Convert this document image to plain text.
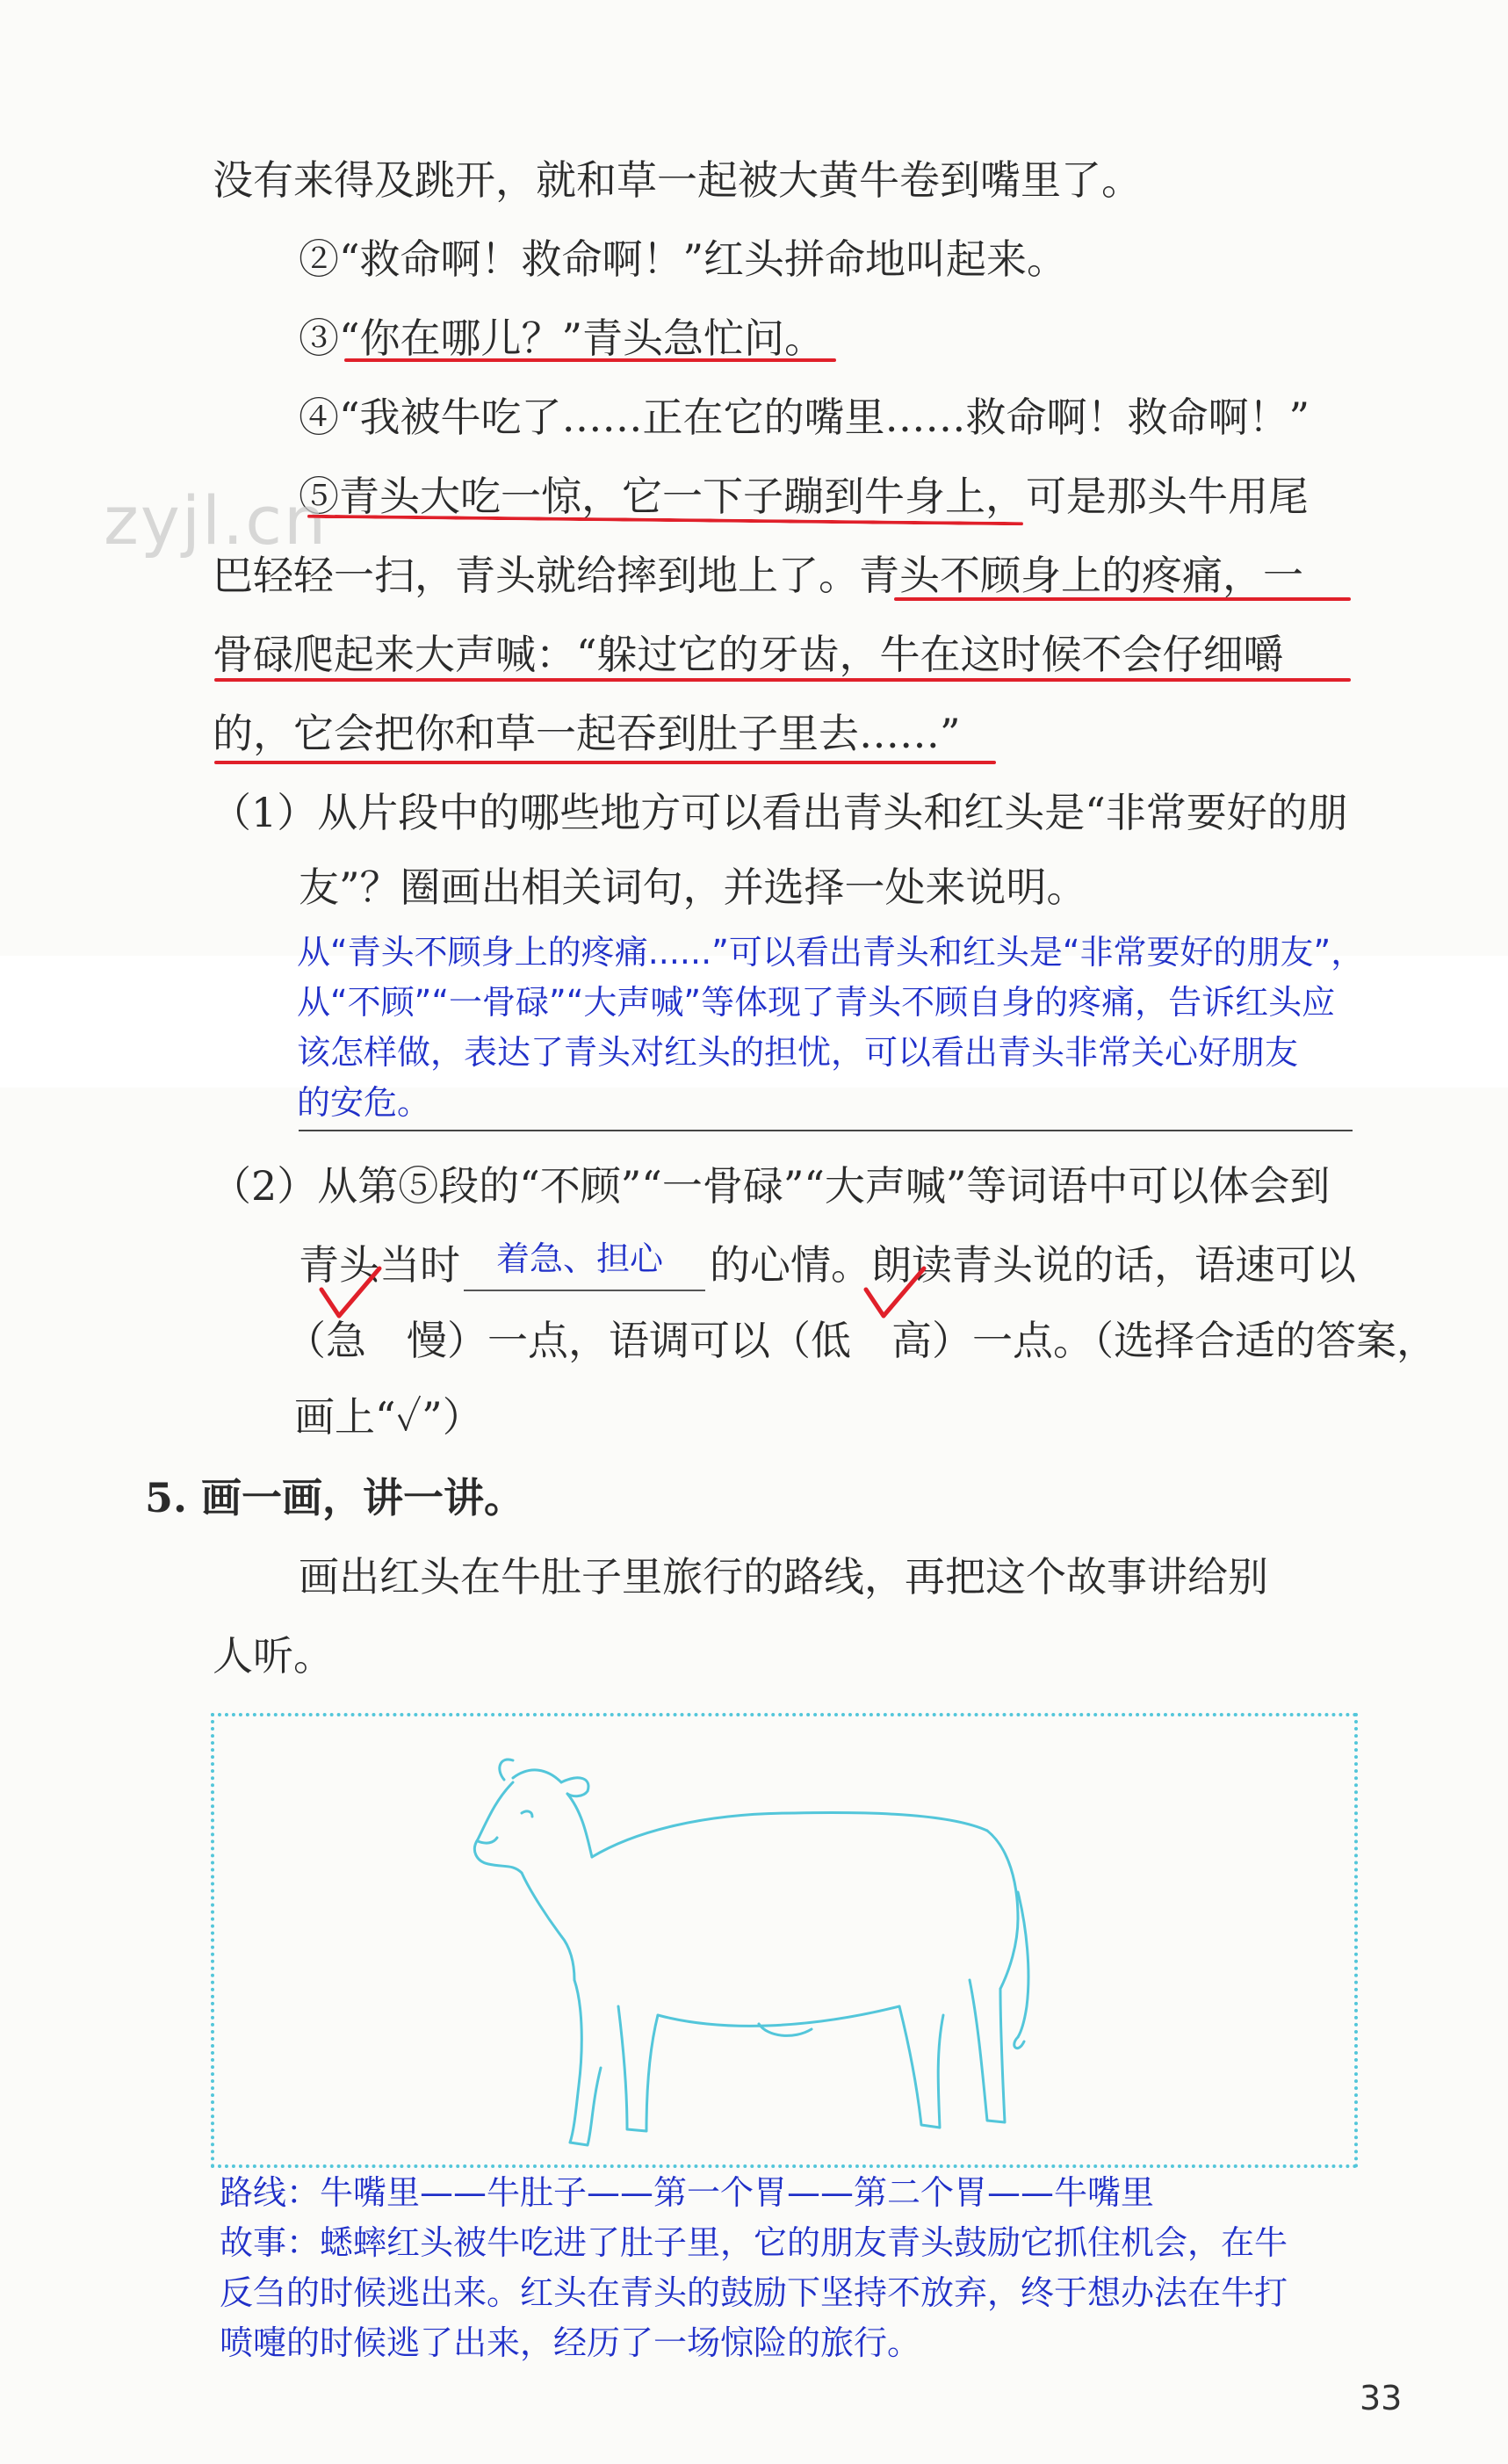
没有来得及跳开，就和草一起被大黄牛卷到嘴里了。
②“救命啊！救命啊！”红头拼命地叫起来。
③“你在哪儿？”青头急忙问。
④“我被牛吃了……正在它的嘴里……救命啊！救命啊！”
⑤青头大吃一惊，它一下子蹦到牛身上，可是那头牛用尾
巴轻轻一扫，青头就给摔到地上了。青头不顾身上的疼痛，一
骨碌爬起来大声喊：“躲过它的牙齿，牛在这时候不会仔细嚼
的，它会把你和草一起吞到肚子里去……”
zyjl.cn
（1）从片段中的哪些地方可以看出青头和红头是“非常要好的朋
友”？圈画出相关词句，并选择一处来说明。
从“青头不顾身上的疼痛......”可以看出青头和红头是“非常要好的朋友”，
从“不顾”“一骨碌”“大声喊”等体现了青头不顾自身的疼痛，告诉红头应
该怎样做，表达了青头对红头的担忧，可以看出青头非常关心好朋友
的安危。
（2）从第⑤段的“不顾”“一骨碌”“大声喊”等词语中可以体会到
青头当时	的心情。朗读青头说的话，语速可以
着急、担心
（急　慢）一点，语调可以（低　高）一点。（选择合适的答案，
画上“✓”）
5. 画一画，讲一讲。
画出红头在牛肚子里旅行的路线，再把这个故事讲给别
人听。
路线：牛嘴里——牛肚子——第一个胃——第二个胃——牛嘴里
故事：蟋蟀红头被牛吃进了肚子里，它的朋友青头鼓励它抓住机会，在牛
反刍的时候逃出来。红头在青头的鼓励下坚持不放弃，终于想办法在牛打
喷嚏的时候逃了出来，经历了一场惊险的旅行。
33
